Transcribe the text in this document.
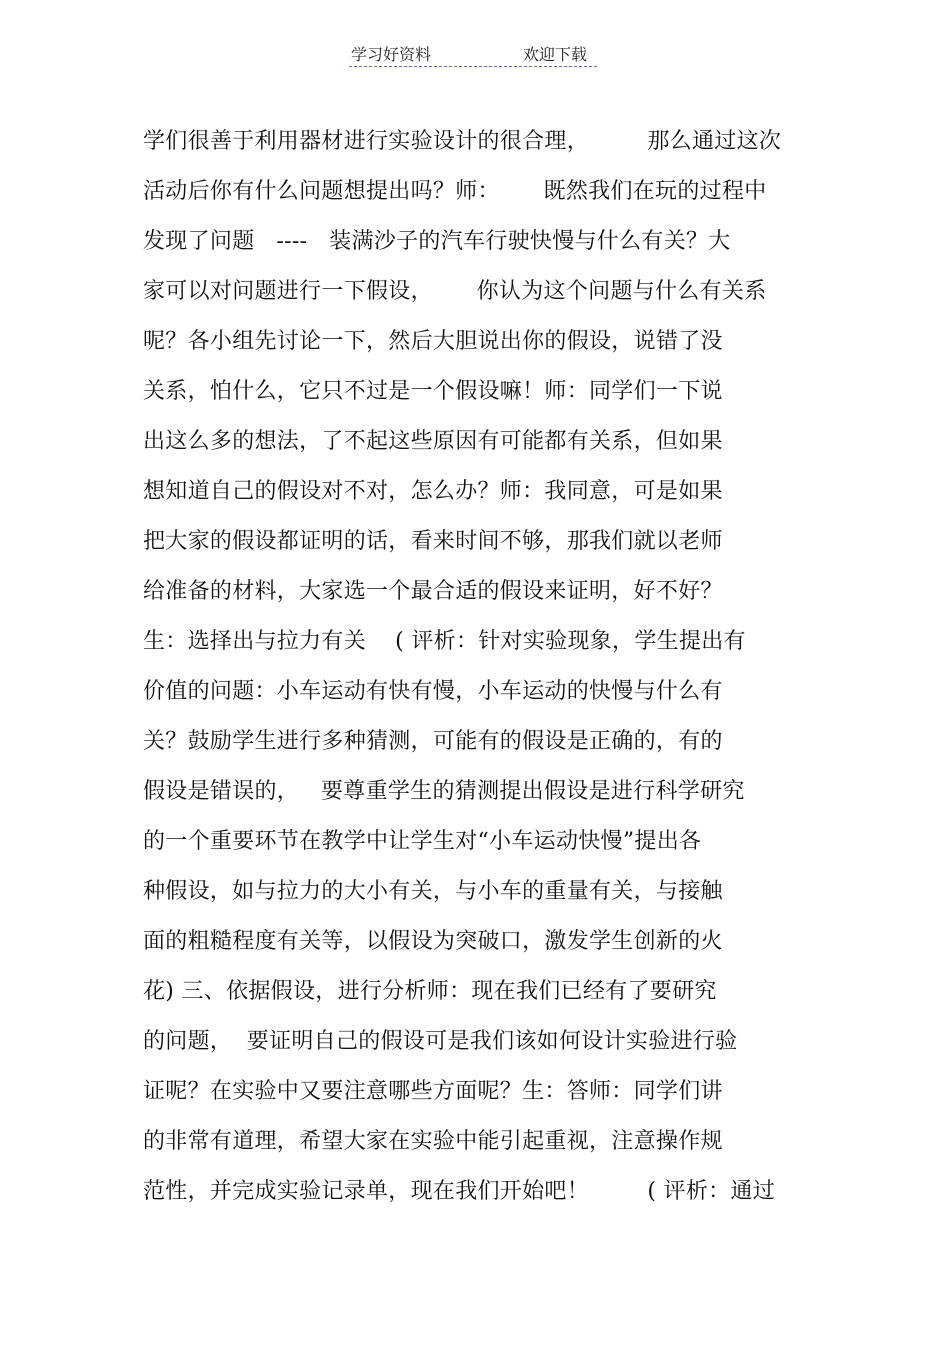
学习好资料	欢迎下载
学们很善于利用器材进行实验设计的很合理，        那么通过这次
活动后你有什么问题想提出吗？师：      既然我们在玩的过程中
发现了问题   ----   装满沙子的汽车行驶快慢与什么有关？大
家可以对问题进行一下假设，      你认为这个问题与什么有关系
呢？各小组先讨论一下，然后大胆说出你的假设，说错了没
关系，怕什么，它只不过是一个假设嘛！师：同学们一下说
出这么多的想法，了不起这些原因有可能都有关系，但如果
想知道自己的假设对不对，怎么办？师：我同意，可是如果
把大家的假设都证明的话，看来时间不够，那我们就以老师
给准备的材料，大家选一个最合适的假设来证明，好不好？
生：选择出与拉力有关    ( 评析：针对实验现象，学生提出有
价值的问题：小车运动有快有慢，小车运动的快慢与什么有
关？鼓励学生进行多种猜测，可能有的假设是正确的，有的
假设是错误的，   要尊重学生的猜测提出假设是进行科学研究
的一个重要环节在教学中让学生对“小车运动快慢”提出各
种假设，如与拉力的大小有关，与小车的重量有关，与接触
面的粗糙程度有关等，以假设为突破口，激发学生创新的火
花) 三、依据假设，进行分析师：现在我们已经有了要研究
的问题，  要证明自己的假设可是我们该如何设计实验进行验
证呢？在实验中又要注意哪些方面呢？生：答师：同学们讲
的非常有道理，希望大家在实验中能引起重视，注意操作规
范性，并完成实验记录单，现在我们开始吧！        ( 评析：通过
